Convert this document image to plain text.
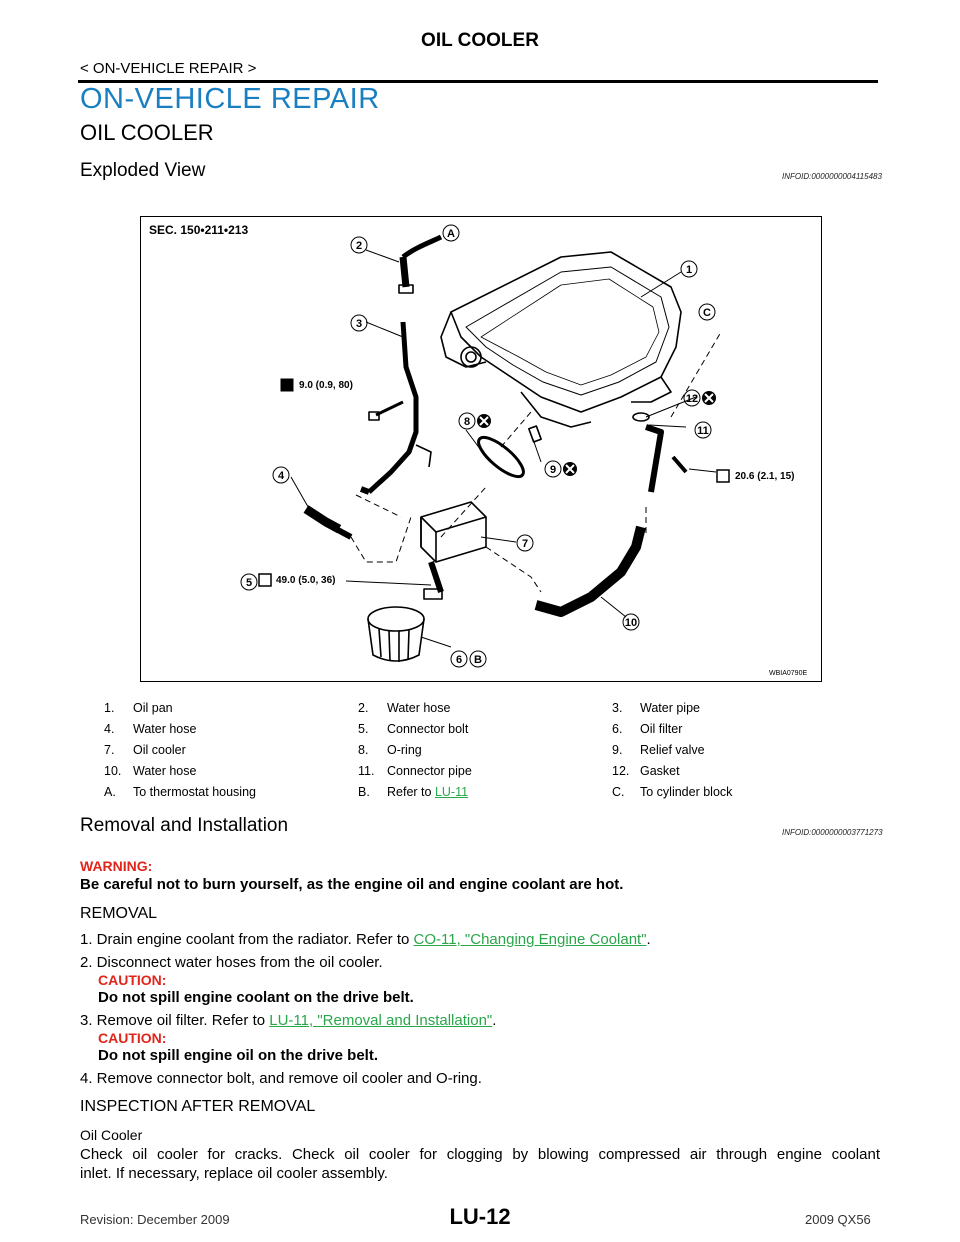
OIL COOLER
< ON-VEHICLE REPAIR >
ON-VEHICLE REPAIR
OIL COOLER
Exploded View	INFOID:0000000004115483
SEC. 150•211•213
9.0 (0.9, 80)
20.6 (2.1, 15)
49.0 (5.0, 36)
WBIA0790E
2
1
3
4
5
6
7
8
9
10
11
12
A
B
C
1. Oil pan	2. Water hose	3. Water pipe
4. Water hose	5. Connector bolt	6. Oil filter
7. Oil cooler	8. O-ring	9. Relief valve
10. Water hose	11. Connector pipe	12. Gasket
A. To thermostat housing	B. Refer to LU-11	C. To cylinder block
Removal and Installation	INFOID:0000000003771273
WARNING:
Be careful not to burn yourself, as the engine oil and engine coolant are hot.
REMOVAL
1. Drain engine coolant from the radiator. Refer to CO-11, "Changing Engine Coolant".
2. Disconnect water hoses from the oil cooler.
CAUTION:
Do not spill engine coolant on the drive belt.
3. Remove oil filter. Refer to LU-11, "Removal and Installation".
CAUTION:
Do not spill engine oil on the drive belt.
4. Remove connector bolt, and remove oil cooler and O-ring.
INSPECTION AFTER REMOVAL
Oil Cooler
Check oil cooler for cracks. Check oil cooler for clogging by blowing compressed air through engine coolant
inlet. If necessary, replace oil cooler assembly.
Revision: December 2009	LU-12	2009 QX56
